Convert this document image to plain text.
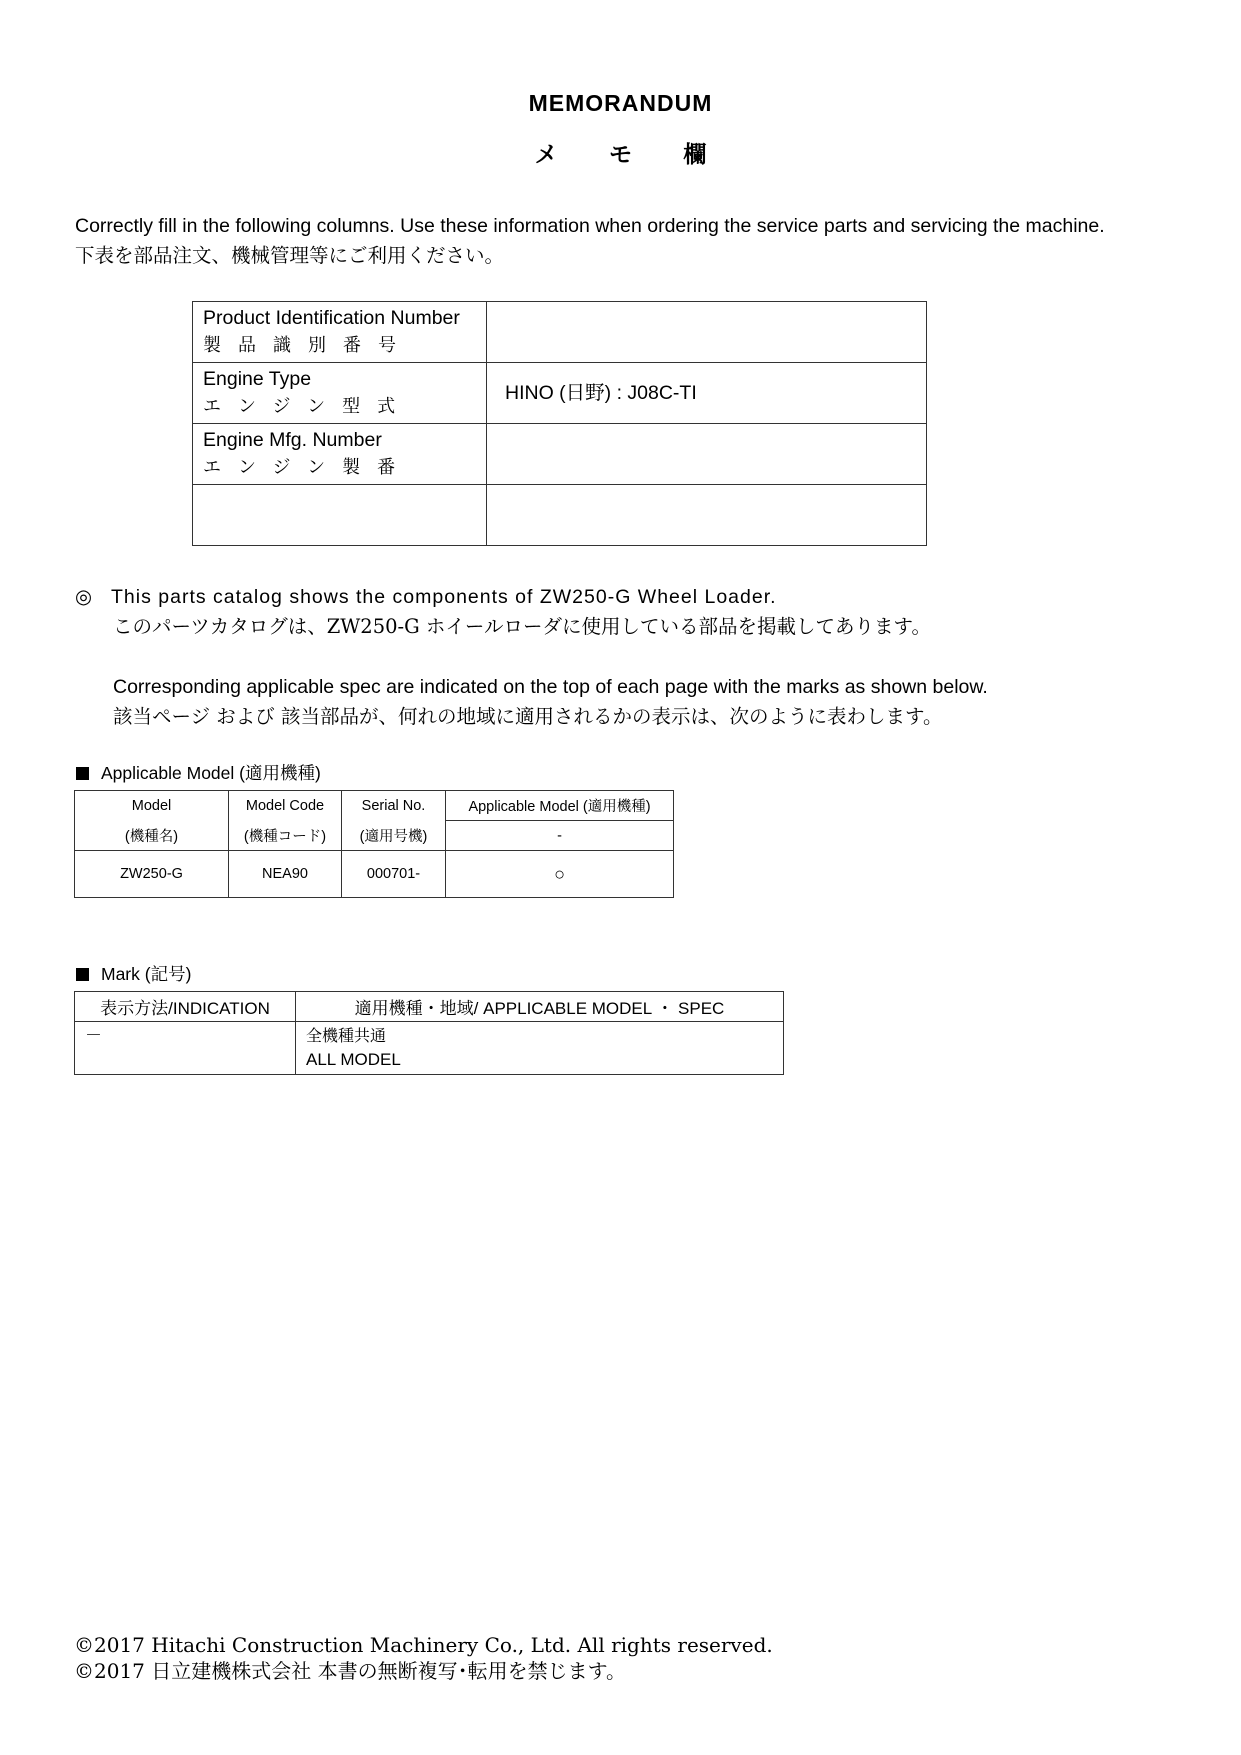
MEMORANDUM
メ モ 欄
Correctly fill in the following columns. Use these information when ordering the service parts and servicing the machine.
下表を部品注文、機械管理等にご利用ください。
Product Identification Number
製品識別番号	

Engine Type
エンジン型式	HINO (日野) : J08C-TI

Engine Mfg. Number
エンジン製番	

◎ This parts catalog shows the components of ZW250-G Wheel Loader.
このパーツカタログは、ZW250-G ホイールローダに使用している部品を掲載してあります。
Corresponding applicable spec are indicated on the top of each page with the marks as shown below.
該当ページ および 該当部品が、何れの地域に適用されるかの表示は、次のように表わします。
Applicable Model (適用機種)
Model	Model Code	Serial No.	Applicable Model (適用機種)
(機種名)	(機種コード)	(適用号機)	-
ZW250-G	NEA90	000701-	○
Mark (記号)
表示方法/INDICATION	適用機種・地域/ APPLICABLE MODEL ・ SPEC
－	全機種共通
ALL MODEL
©2017 Hitachi Construction Machinery Co., Ltd. All rights reserved.
©2017 日立建機株式会社 本書の無断複写･転用を禁じます。
